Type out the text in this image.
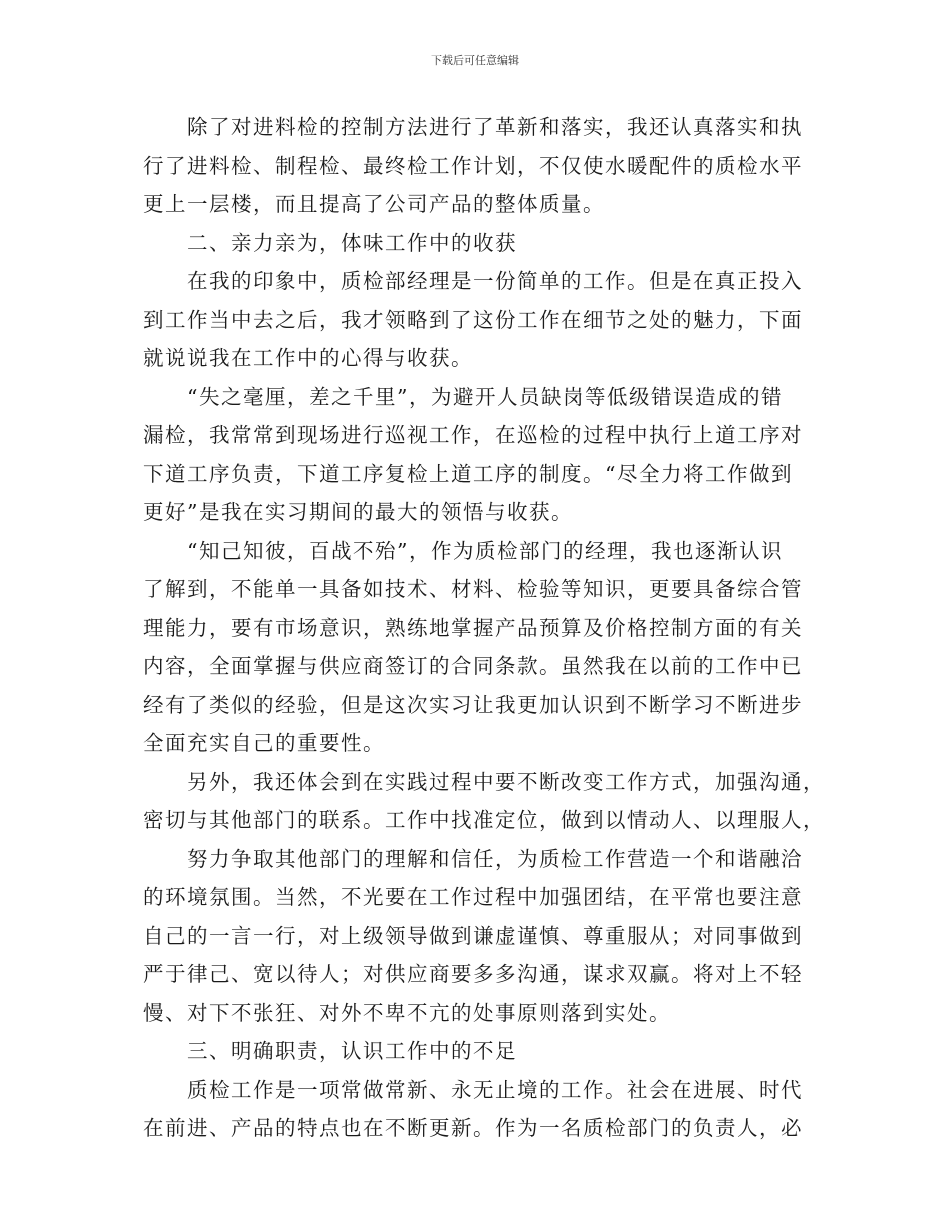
下载后可任意编辑
除了对进料检的控制方法进行了革新和落实，我还认真落实和执
行了进料检、制程检、最终检工作计划，不仅使水暖配件的质检水平
更上一层楼，而且提高了公司产品的整体质量。
二、亲力亲为，体味工作中的收获
在我的印象中，质检部经理是一份简单的工作。但是在真正投入
到工作当中去之后，我才领略到了这份工作在细节之处的魅力，下面
就说说我在工作中的心得与收获。
“失之毫厘，差之千里”，为避开人员缺岗等低级错误造成的错
漏检，我常常到现场进行巡视工作，在巡检的过程中执行上道工序对
下道工序负责，下道工序复检上道工序的制度。“尽全力将工作做到
更好”是我在实习期间的最大的领悟与收获。
“知己知彼，百战不殆”，作为质检部门的经理，我也逐渐认识
了解到，不能单一具备如技术、材料、检验等知识，更要具备综合管
理能力，要有市场意识，熟练地掌握产品预算及价格控制方面的有关
内容，全面掌握与供应商签订的合同条款。虽然我在以前的工作中已
经有了类似的经验，但是这次实习让我更加认识到不断学习不断进步
全面充实自己的重要性。
另外，我还体会到在实践过程中要不断改变工作方式，加强沟通，
密切与其他部门的联系。工作中找准定位，做到以情动人、以理服人，
努力争取其他部门的理解和信任，为质检工作营造一个和谐融洽
的环境氛围。当然，不光要在工作过程中加强团结，在平常也要注意
自己的一言一行，对上级领导做到谦虚谨慎、尊重服从；对同事做到
严于律己、宽以待人；对供应商要多多沟通，谋求双赢。将对上不轻
慢、对下不张狂、对外不卑不亢的处事原则落到实处。
三、明确职责，认识工作中的不足
质检工作是一项常做常新、永无止境的工作。社会在进展、时代
在前进、产品的特点也在不断更新。作为一名质检部门的负责人，必
